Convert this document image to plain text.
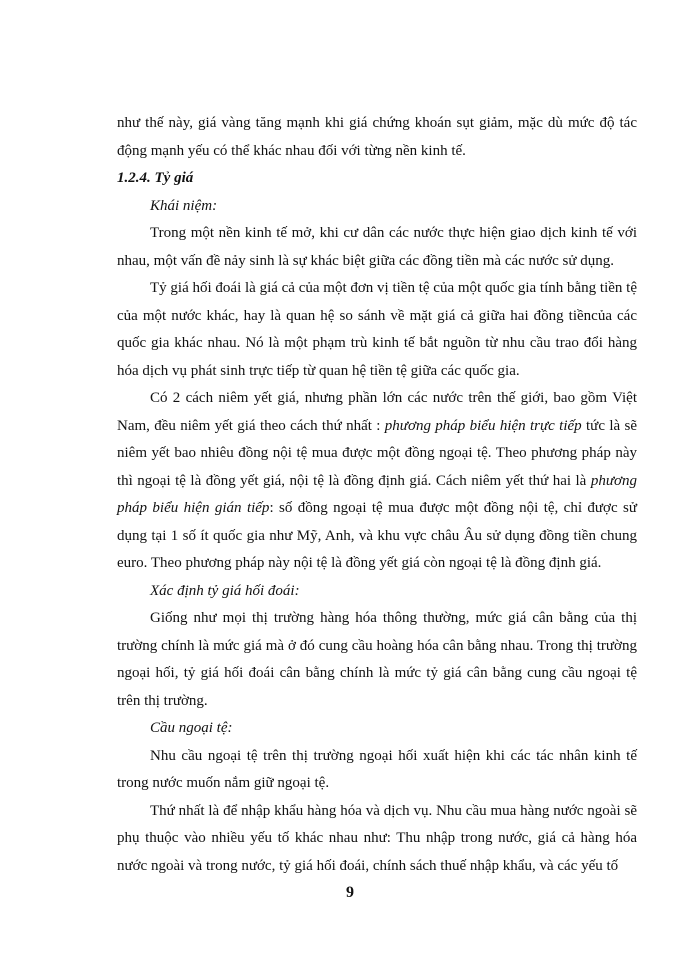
như thế này, giá vàng tăng mạnh khi giá chứng khoán sụt giảm, mặc dù mức độ tác động mạnh yếu có thể khác nhau đối với từng nền kinh tế.

1.2.4. Tỷ giá

Khái niệm:

Trong một nền kinh tế mở, khi cư dân các nước thực hiện giao dịch kinh tế với nhau, một vấn đề nảy sinh là sự khác biệt giữa các đồng tiền mà các nước sử dụng.

Tỷ giá hối đoái là giá cả của một đơn vị tiền tệ của một quốc gia tính bằng tiền tệ của một nước khác, hay là quan hệ so sánh về mặt giá cả giữa hai đồng tiềncủa các quốc gia khác nhau. Nó là một phạm trù kinh tế bắt nguồn từ nhu cầu trao đổi hàng hóa dịch vụ phát sinh trực tiếp từ quan hệ tiền tệ giữa các quốc gia.

Có 2 cách niêm yết giá, nhưng phần lớn các nước trên thế giới, bao gồm Việt Nam, đều niêm yết giá theo cách thứ nhất : phương pháp biểu hiện trực tiếp tức là sẽ niêm yết bao nhiêu đồng nội tệ mua được một đồng ngoại tệ. Theo phương pháp này thì ngoại tệ là đồng yết giá, nội tệ là đồng định giá. Cách niêm yết thứ hai là phương pháp biểu hiện gián tiếp: số đồng ngoại tệ mua được một đồng nội tệ, chỉ được sử dụng tại 1 số ít quốc gia như Mỹ, Anh, và khu vực châu Âu sử dụng đồng tiền chung euro. Theo phương pháp này nội tệ là đồng yết giá còn ngoại tệ là đồng định giá.

Xác định tỷ giá hối đoái:

Giống như mọi thị trường hàng hóa thông thường, mức giá cân bằng của thị trường chính là mức giá mà ở đó cung cầu hoàng hóa cân bằng nhau. Trong thị trường ngoại hối, tỷ giá hối đoái cân bằng chính là mức tỷ giá cân bằng cung cầu ngoại tệ trên thị trường.

Cầu ngoại tệ:

Nhu cầu ngoại tệ trên thị trường ngoại hối xuất hiện khi các tác nhân kinh tế trong nước muốn nắm giữ ngoại tệ.

Thứ nhất là để nhập khẩu hàng hóa và dịch vụ. Nhu cầu mua hàng nước ngoài sẽ phụ thuộc vào nhiều yếu tố khác nhau như: Thu nhập trong nước, giá cả hàng hóa nước ngoài và trong nước, tỷ giá hối đoái, chính sách thuế nhập khẩu, và các yếu tố

9
